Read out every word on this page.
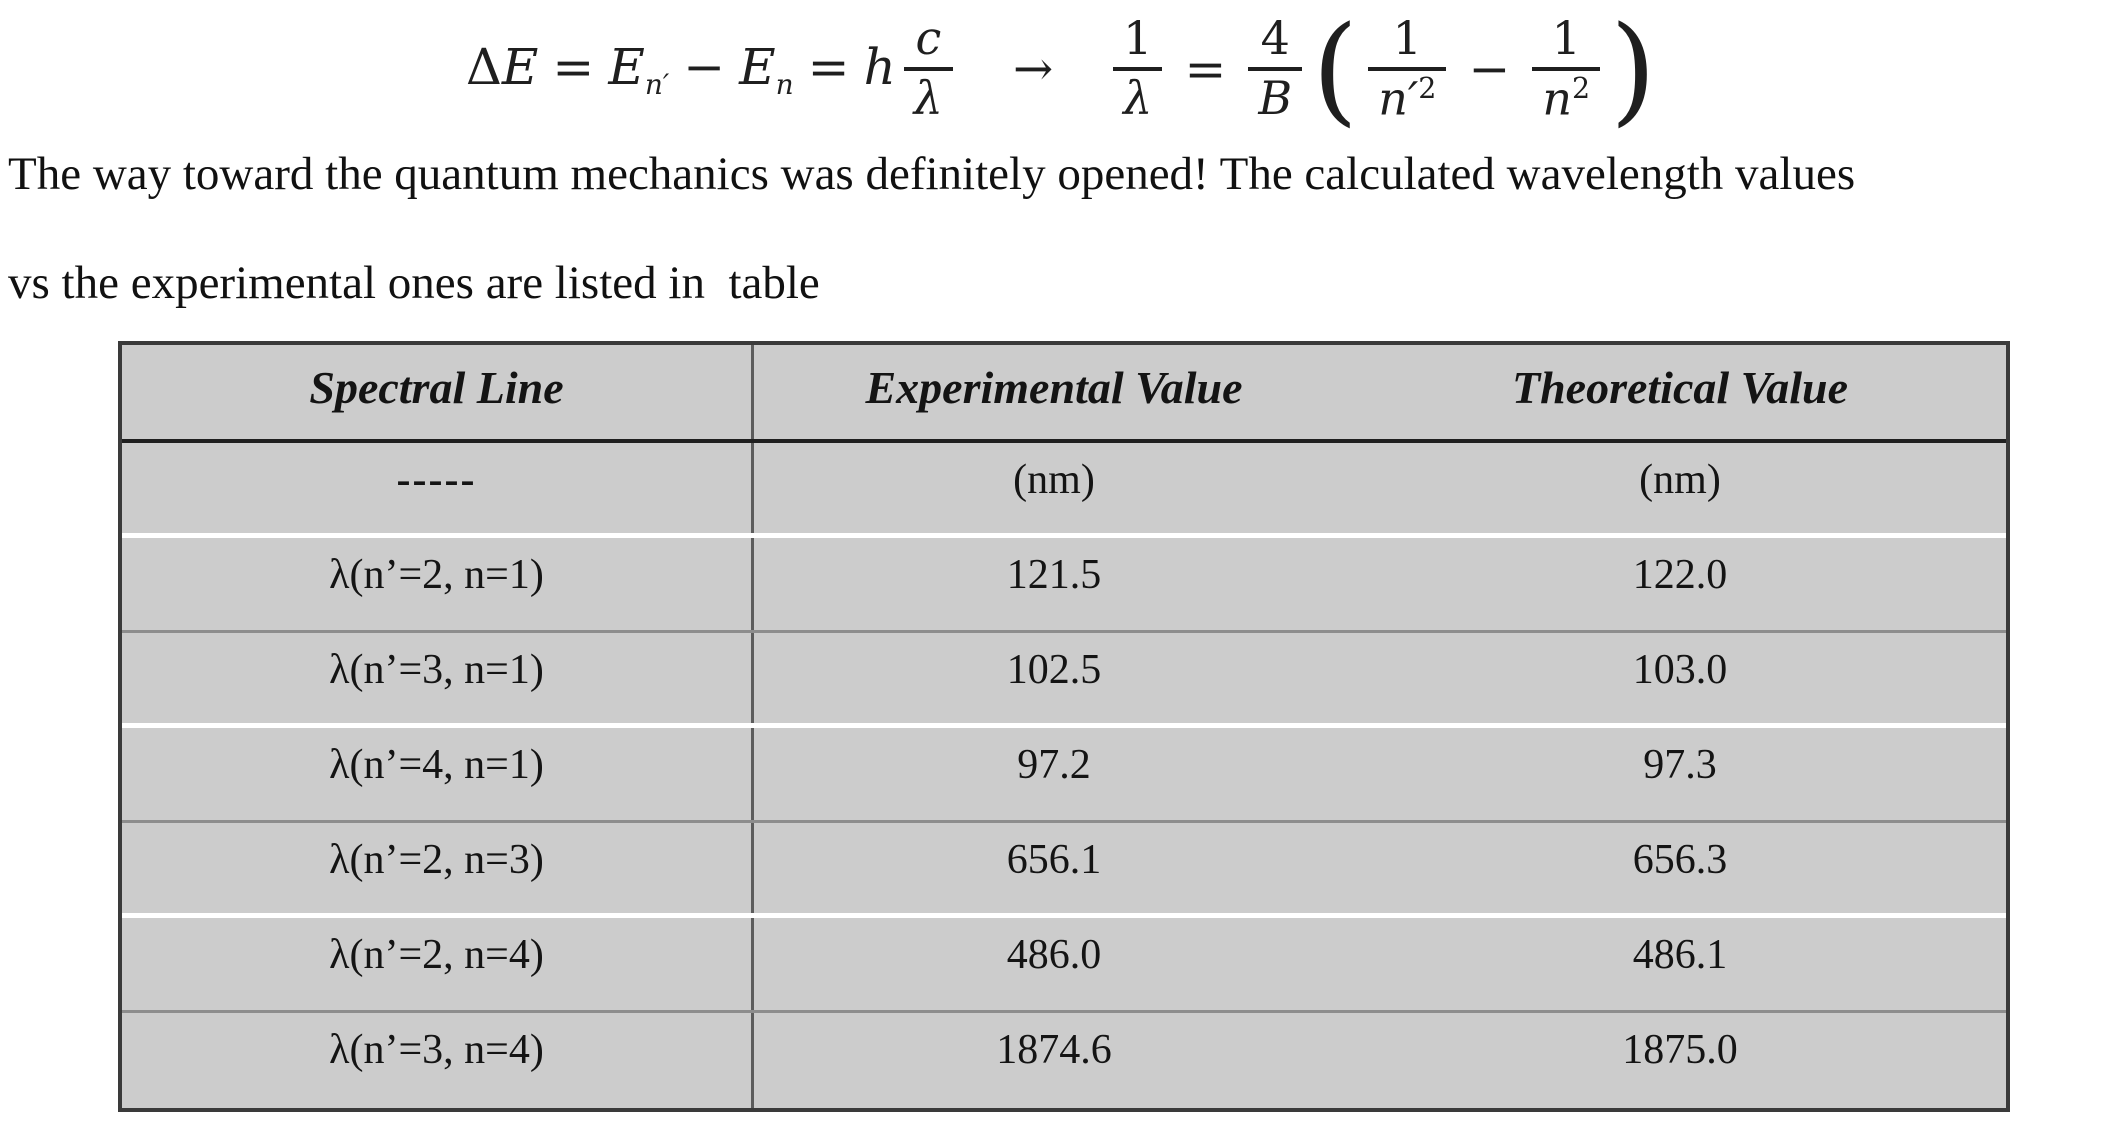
$\Delta E = E_{n'} - E_n = h \frac{c}{\lambda} \to \frac{1}{\lambda} = \frac{4}{B}$ ( $\frac{1}{n'^2} - \frac{1}{n^2}$ )
The way toward the quantum mechanics was definitely opened! The calculated wavelength values
vs the experimental ones are listed in  table
Spectral Line	Experimental Value	Theoretical Value
-----	(nm)	(nm)
λ(n’=2, n=1)	121.5	122.0
λ(n’=3, n=1)	102.5	103.0
λ(n’=4, n=1)	97.2	97.3
λ(n’=2, n=3)	656.1	656.3
λ(n’=2, n=4)	486.0	486.1
λ(n’=3, n=4)	1874.6	1875.0
